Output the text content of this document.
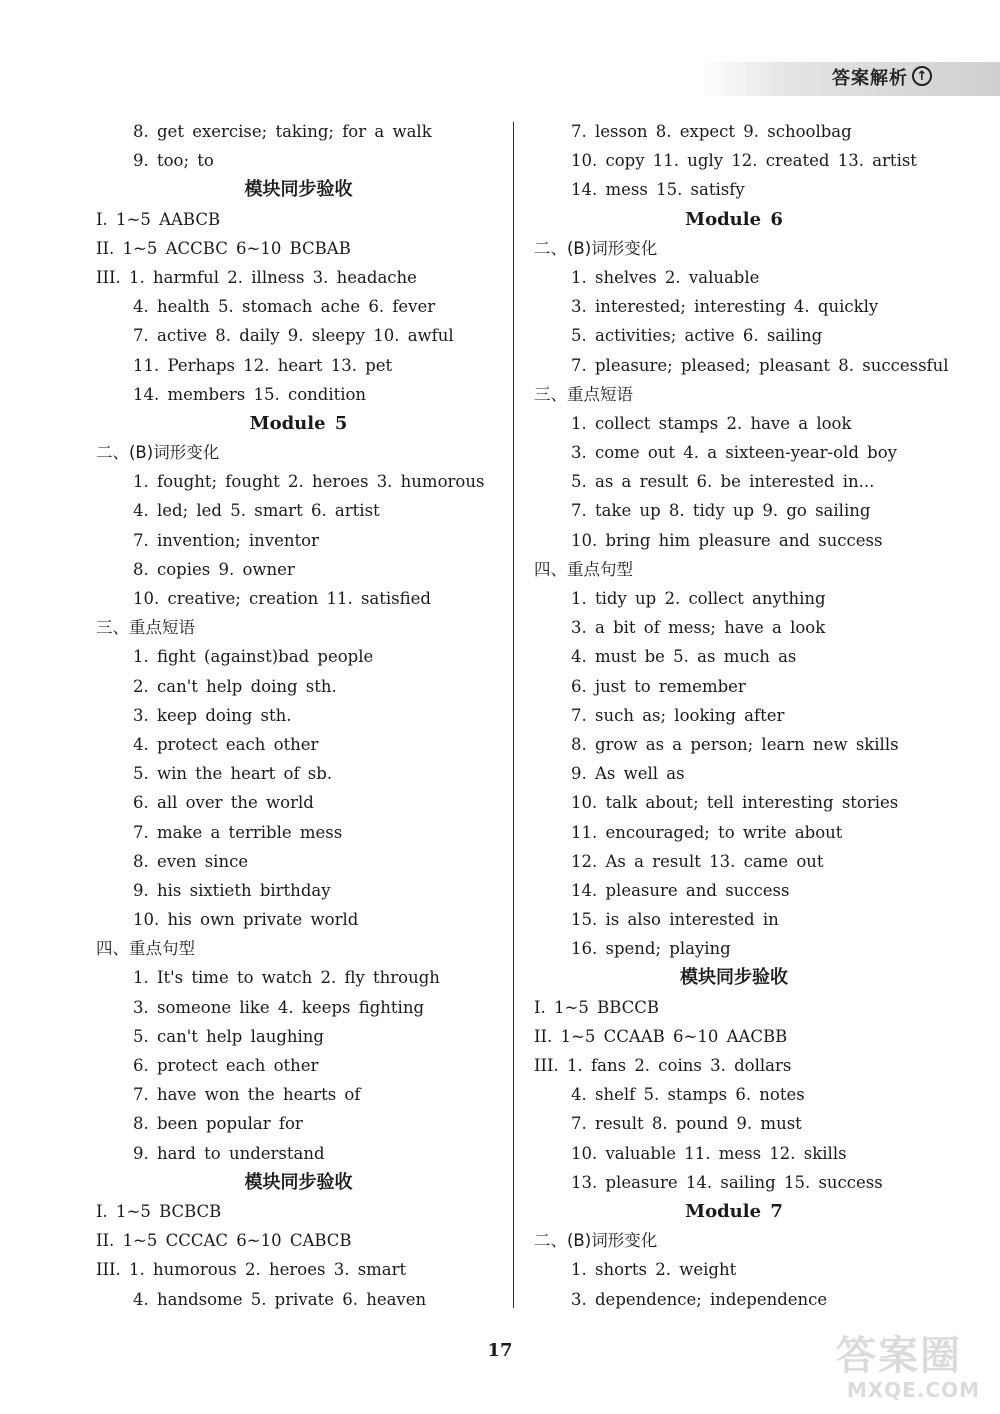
答案解析 ↑
8. get exercise; taking; for a walk
9. too; to
模块同步验收
I. 1~5 AABCB
II. 1~5 ACCBC 6~10 BCBAB
III. 1. harmful 2. illness 3. headache
4. health 5. stomach ache 6. fever
7. active 8. daily 9. sleepy 10. awful
11. Perhaps 12. heart 13. pet
14. members 15. condition
Module 5
二、(B)词形变化
1. fought; fought 2. heroes 3. humorous
4. led; led 5. smart 6. artist
7. invention; inventor
8. copies 9. owner
10. creative; creation 11. satisfied
三、重点短语
1. fight (against)bad people
2. can't help doing sth.
3. keep doing sth.
4. protect each other
5. win the heart of sb.
6. all over the world
7. make a terrible mess
8. even since
9. his sixtieth birthday
10. his own private world
四、重点句型
1. It's time to watch 2. fly through
3. someone like 4. keeps fighting
5. can't help laughing
6. protect each other
7. have won the hearts of
8. been popular for
9. hard to understand
模块同步验收
I. 1~5 BCBCB
II. 1~5 CCCAC 6~10 CABCB
III. 1. humorous 2. heroes 3. smart
4. handsome 5. private 6. heaven
7. lesson 8. expect 9. schoolbag
10. copy 11. ugly 12. created 13. artist
14. mess 15. satisfy
Module 6
二、(B)词形变化
1. shelves 2. valuable
3. interested; interesting 4. quickly
5. activities; active 6. sailing
7. pleasure; pleased; pleasant 8. successful
三、重点短语
1. collect stamps 2. have a look
3. come out 4. a sixteen-year-old boy
5. as a result 6. be interested in...
7. take up 8. tidy up 9. go sailing
10. bring him pleasure and success
四、重点句型
1. tidy up 2. collect anything
3. a bit of mess; have a look
4. must be 5. as much as
6. just to remember
7. such as; looking after
8. grow as a person; learn new skills
9. As well as
10. talk about; tell interesting stories
11. encouraged; to write about
12. As a result 13. came out
14. pleasure and success
15. is also interested in
16. spend; playing
模块同步验收
I. 1~5 BBCCB
II. 1~5 CCAAB 6~10 AACBB
III. 1. fans 2. coins 3. dollars
4. shelf 5. stamps 6. notes
7. result 8. pound 9. must
10. valuable 11. mess 12. skills
13. pleasure 14. sailing 15. success
Module 7
二、(B)词形变化
1. shorts 2. weight
3. dependence; independence
17	答案圈
MXQE.COM
